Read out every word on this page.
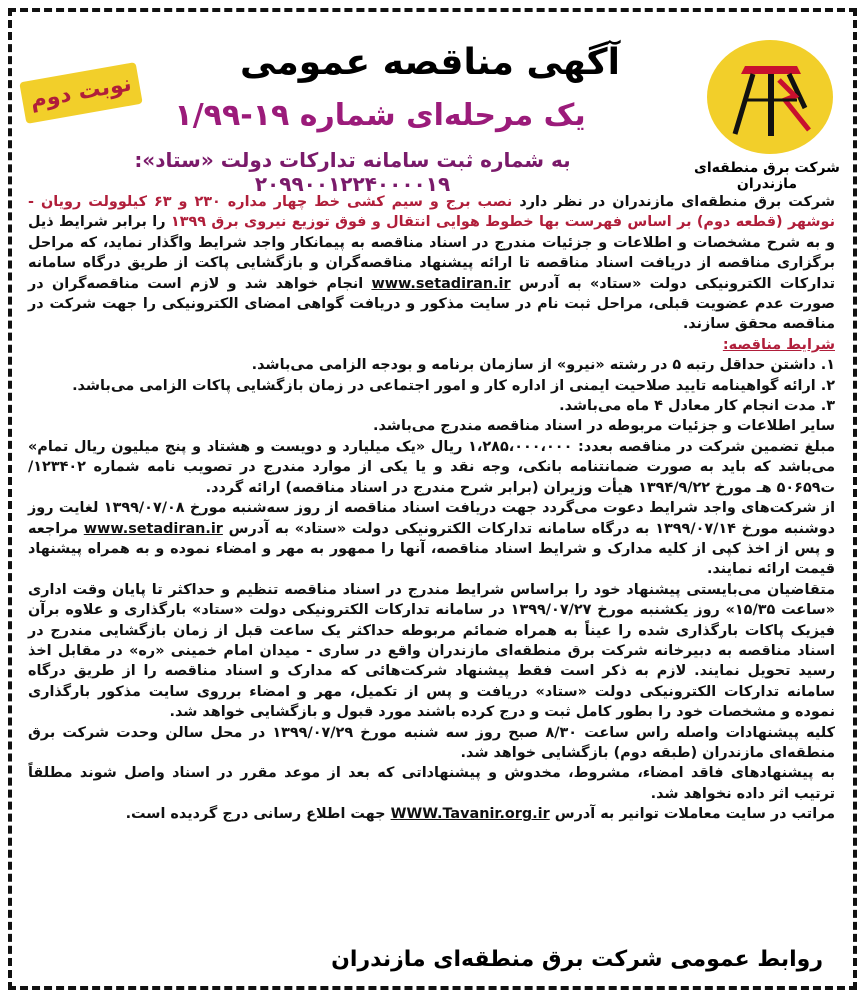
شرکت برق منطقه‌ای مازندران
نوبت دوم
آگهی مناقصه عمومی
یک مرحله‌ای شماره ۱۹-۱/۹۹
به شماره ثبت سامانه تدارکات دولت «ستاد»: ۲۰۹۹۰۰۱۲۲۴۰۰۰۰۱۹

شرکت برق منطقه‌ای مازندران در نظر دارد نصب برج و سیم کشی خط چهار مداره ۲۳۰ و ۶۳ کیلوولت رویان - نوشهر (قطعه دوم) بر اساس فهرست بها خطوط هوایی انتقال و فوق توزیع نیروی برق ۱۳۹۹ را برابر شرایط ذیل و به شرح مشخصات و اطلاعات و جزئیات مندرج در اسناد مناقصه به پیمانکار واجد شرایط واگذار نماید، که مراحل برگزاری مناقصه از دریافت اسناد مناقصه تا ارائه پیشنهاد مناقصه‌گران و بازگشایی پاکت از طریق درگاه سامانه تدارکات الکترونیکی دولت «ستاد» به آدرس www.setadiran.ir انجام خواهد شد و لازم است مناقصه‌گران در صورت عدم عضویت قبلی، مراحل ثبت نام در سایت مذکور و دریافت گواهی امضای الکترونیکی را جهت شرکت در مناقصه محقق سازند.

شرایط مناقصه:

۱. داشتن حداقل رتبه ۵ در رشته «نیرو» از سازمان برنامه و بودجه الزامی می‌باشد.

۲. ارائه گواهینامه تایید صلاحیت ایمنی از اداره کار و امور اجتماعی در زمان بازگشایی پاکات الزامی می‌باشد.

۳. مدت انجام کار معادل ۴ ماه می‌باشد.

سایر اطلاعات و جزئیات مربوطه در اسناد مناقصه مندرج می‌باشد.

مبلغ تضمین شرکت در مناقصه بعدد: ۱،۲۸۵،۰۰۰،۰۰۰ ریال «یک میلیارد و دویست و هشتاد و پنج میلیون ریال تمام» می‌باشد که باید به صورت ضمانتنامه بانکی، وجه نقد و یا یکی از موارد مندرج در تصویب نامه شماره ۱۲۳۴۰۲/ت۵۰۶۵۹ هـ مورخ ۱۳۹۴/۹/۲۲ هیأت وزیران (برابر شرح مندرج در اسناد مناقصه) ارائه گردد.

از شرکت‌های واجد شرایط دعوت می‌گردد جهت دریافت اسناد مناقصه از روز سه‌شنبه مورخ ۱۳۹۹/۰۷/۰۸ لغایت روز دوشنبه مورخ ۱۳۹۹/۰۷/۱۴ به درگاه سامانه تدارکات الکترونیکی دولت «ستاد» به آدرس www.setadiran.ir مراجعه و پس از اخذ کپی از کلیه مدارک و شرایط اسناد مناقصه، آنها را ممهور به مهر و امضاء نموده و به همراه پیشنهاد قیمت ارائه نمایند.

متقاضیان می‌بایستی پیشنهاد خود را براساس شرایط مندرج در اسناد مناقصه تنظیم و حداکثر تا پایان وقت اداری «ساعت ۱۵/۳۵» روز یکشنبه مورخ ۱۳۹۹/۰۷/۲۷ در سامانه تدارکات الکترونیکی دولت «ستاد» بارگذاری و علاوه برآن فیزیک پاکات بارگذاری شده را عیناً به همراه ضمائم مربوطه حداکثر یک ساعت قبل از زمان بازگشایی مندرج در اسناد مناقصه به دبیرخانه شرکت برق منطقه‌ای مازندران واقع در ساری - میدان امام خمینی «ره» در مقابل اخذ رسید تحویل نمایند. لازم به ذکر است فقط پیشنهاد شرکت‌هائی که مدارک و اسناد مناقصه را از طریق درگاه سامانه تدارکات الکترونیکی دولت «ستاد» دریافت و پس از تکمیل، مهر و امضاء برروی سایت مذکور بارگذاری نموده و مشخصات خود را بطور کامل ثبت و درج کرده باشند مورد قبول و بازگشایی خواهد شد.

کلیه پیشنهادات واصله راس ساعت ۸/۳۰ صبح روز سه شنبه مورخ ۱۳۹۹/۰۷/۲۹ در محل سالن وحدت شرکت برق منطقه‌ای مازندران (طبقه دوم) بازگشایی خواهد شد.

به پیشنهادهای فاقد امضاء، مشروط، مخدوش و پیشنهاداتی که بعد از موعد مقرر در اسناد واصل شوند مطلقاً ترتیب اثر داده نخواهد شد.

مراتب در سایت معاملات توانیر به آدرس WWW.Tavanir.org.ir جهت اطلاع رسانی درج گردیده است.

روابط عمومی شرکت برق منطقه‌ای مازندران
